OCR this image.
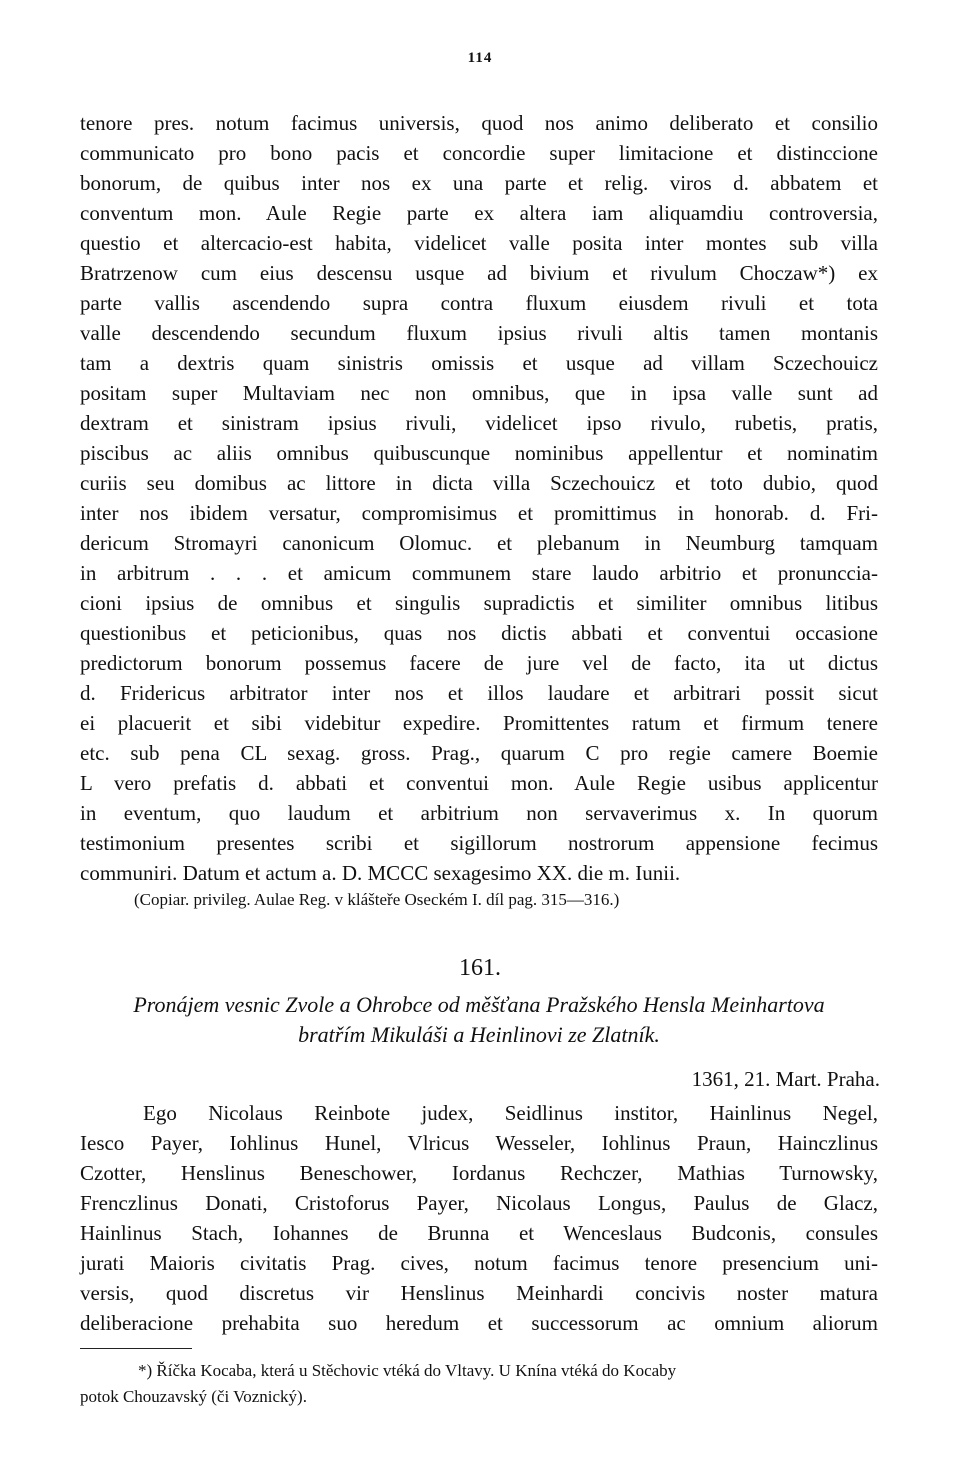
114
tenore pres. notum facimus universis, quod nos animo deliberato et consilio
communicato pro bono pacis et concordie super limitacione et distinccione
bonorum, de quibus inter nos ex una parte et relig. viros d. abbatem et
conventum mon. Aule Regie parte ex altera iam aliquamdiu controversia,
questio et altercacio-est habita, videlicet valle posita inter montes sub villa
Bratrzenow cum eius descensu usque ad bivium et rivulum Choczaw*) ex
parte vallis ascendendo supra contra fluxum eiusdem rivuli et tota
valle descendendo secundum fluxum ipsius rivuli altis tamen montanis
tam a dextris quam sinistris omissis et usque ad villam Sczechouicz
positam super Multaviam nec non omnibus, que in ipsa valle sunt ad
dextram et sinistram ipsius rivuli, videlicet ipso rivulo, rubetis, pratis,
piscibus ac aliis omnibus quibuscunque nominibus appellentur et nominatim
curiis seu domibus ac littore in dicta villa Sczechouicz et toto dubio, quod
inter nos ibidem versatur, compromisimus et promittimus in honorab. d. Fri-
dericum Stromayri canonicum Olomuc. et plebanum in Neumburg tamquam
in arbitrum . . . et amicum communem stare laudo arbitrio et pronunccia-
cioni ipsius de omnibus et singulis supradictis et similiter omnibus litibus
questionibus et peticionibus, quas nos dictis abbati et conventui occasione
predictorum bonorum possemus facere de jure vel de facto, ita ut dictus
d. Fridericus arbitrator inter nos et illos laudare et arbitrari possit sicut
ei placuerit et sibi videbitur expedire. Promittentes ratum et firmum tenere
etc. sub pena CL sexag. gross. Prag., quarum C pro regie camere Boemie
L vero prefatis d. abbati et conventui mon. Aule Regie usibus applicentur
in eventum, quo laudum et arbitrium non servaverimus x. In quorum
testimonium presentes scribi et sigillorum nostrorum appensione fecimus
communiri. Datum et actum a. D. MCCC sexagesimo XX. die m. Iunii.
(Copiar. privileg. Aulae Reg. v klášteře Oseckém I. díl pag. 315—316.)
161.
Pronájem vesnic Zvole a Ohrobce od měšťana Pražského Hensla Meinhartova
bratřím Mikuláši a Heinlinovi ze Zlatník.
1361, 21. Mart. Praha.
Ego Nicolaus Reinbote judex, Seidlinus institor, Hainlinus Negel,
Iesco Payer, Iohlinus Hunel, Vlricus Wesseler, Iohlinus Praun, Hainczlinus
Czotter, Henslinus Beneschower, Iordanus Rechczer, Mathias Turnowsky,
Frenczlinus Donati, Cristoforus Payer, Nicolaus Longus, Paulus de Glacz,
Hainlinus Stach, Iohannes de Brunna et Wenceslaus Budconis, consules
jurati Maioris civitatis Prag. cives, notum facimus tenore presencium uni-
versis, quod discretus vir Henslinus Meinhardi concivis noster matura
deliberacione prehabita suo heredum et successorum ac omnium aliorum
*) Říčka Kocaba, která u Stěchovic vtéká do Vltavy. U Knína vtéká do Kocaby
potok Chouzavský (či Voznický).
